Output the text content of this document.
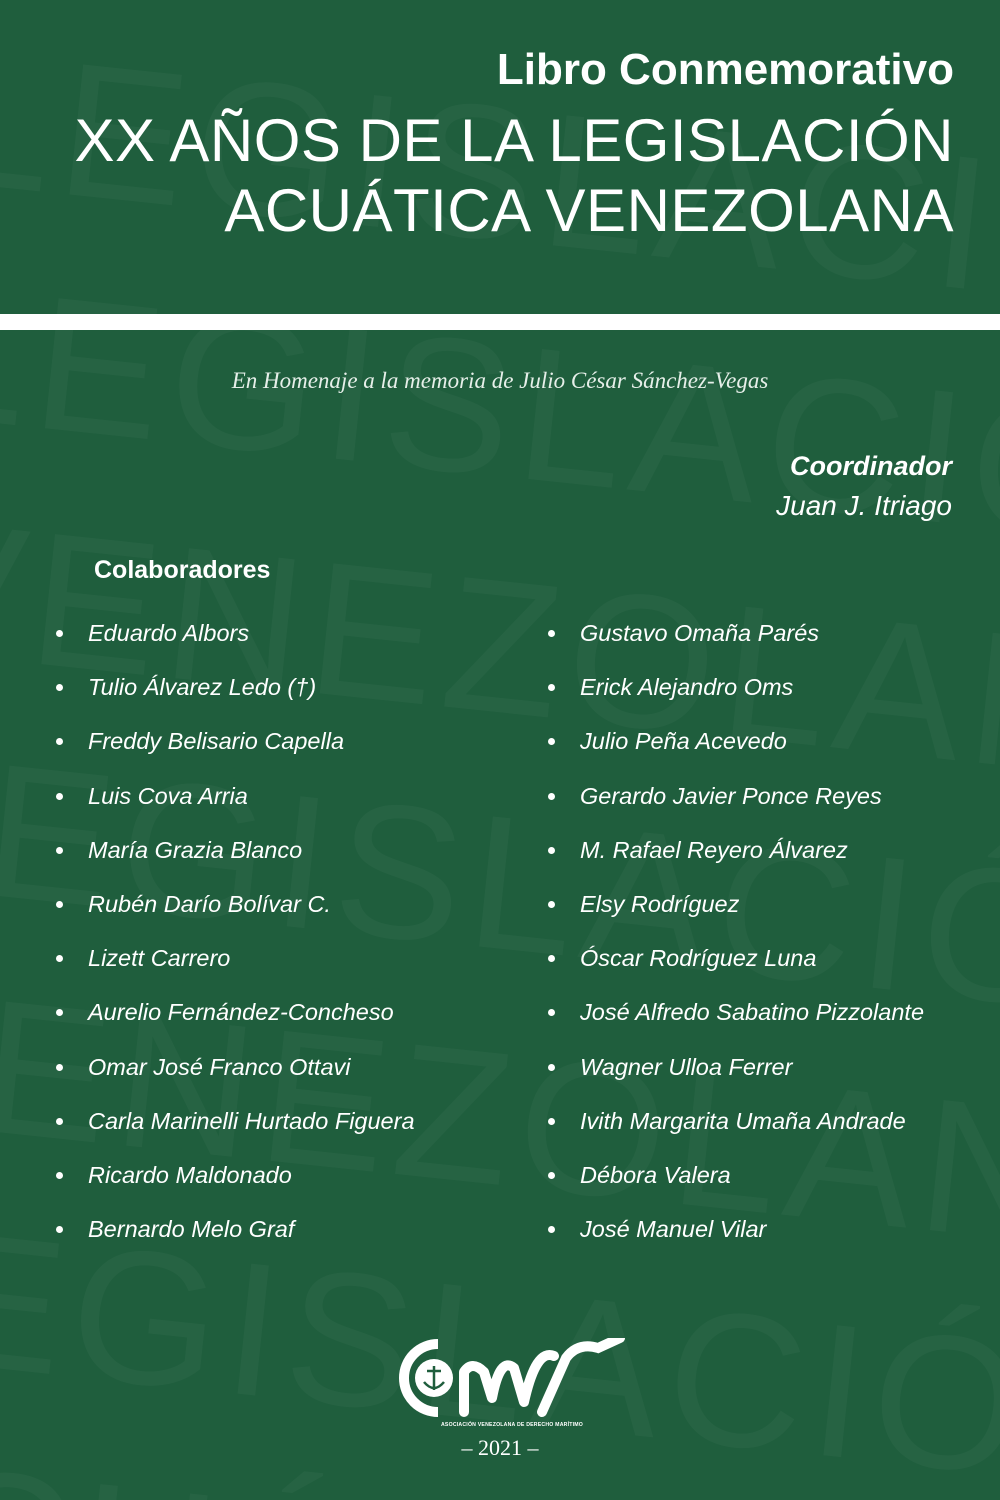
Libro Conmemorativo
XX AÑOS DE LA LEGISLACIÓN
ACUÁTICA VENEZOLANA
En Homenaje a la memoria de Julio César Sánchez-Vegas
Coordinador
Juan J. Itriago
Colaboradores
Eduardo Albors
Tulio Álvarez Ledo (†)
Freddy Belisario Capella
Luis Cova Arria
María Grazia Blanco
Rubén Darío Bolívar C.
Lizett Carrero
Aurelio Fernández-Concheso
Omar José Franco Ottavi
Carla Marinelli Hurtado Figuera
Ricardo Maldonado
Bernardo Melo Graf
Gustavo Omaña Parés
Erick Alejandro Oms
Julio Peña Acevedo
Gerardo Javier Ponce Reyes
M. Rafael Reyero Álvarez
Elsy Rodríguez
Óscar Rodríguez Luna
José Alfredo Sabatino Pizzolante
Wagner Ulloa Ferrer
Ivith Margarita Umaña Andrade
Débora Valera
José Manuel Vilar
ASOCIACIÓN VENEZOLANA DE DERECHO MARÍTIMO
– 2021 –
